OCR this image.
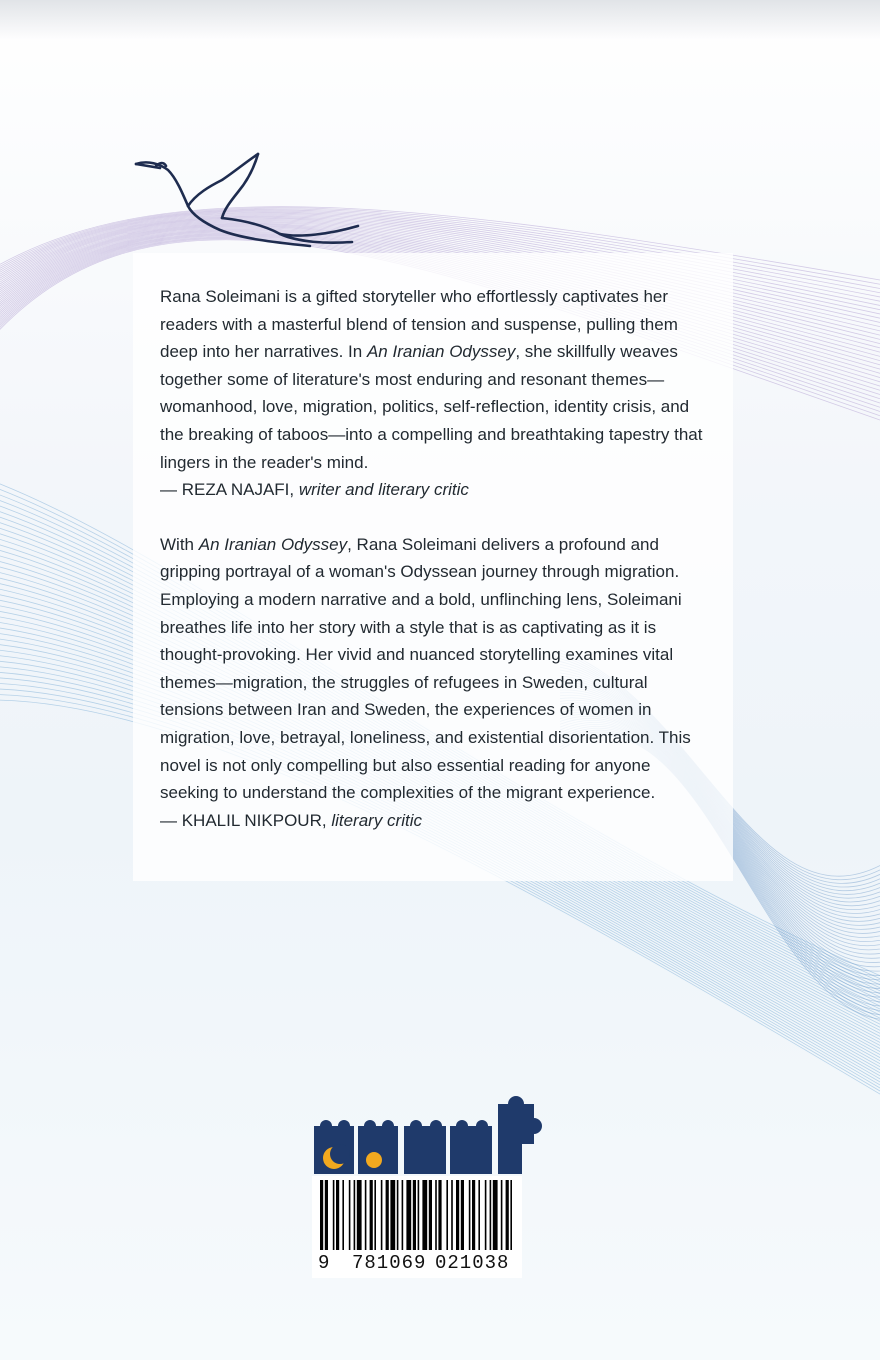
Rana Soleimani is a gifted storyteller who effortlessly captivates her readers with a masterful blend of tension and suspense, pulling them deep into her narratives. In An Iranian Odyssey, she skillfully weaves together some of literature's most enduring and resonant themes—womanhood, love, migration, politics, self-reflection, identity crisis, and the breaking of taboos—into a compelling and breathtaking tapestry that lingers in the reader's mind.
— REZA NAJAFI, writer and literary critic

With An Iranian Odyssey, Rana Soleimani delivers a profound and gripping portrayal of a woman's Odyssean journey through migration. Employing a modern narrative and a bold, unflinching lens, Soleimani breathes life into her story with a style that is as captivating as it is thought-provoking. Her vivid and nuanced storytelling examines vital themes—migration, the struggles of refugees in Sweden, cultural tensions between Iran and Sweden, the experiences of women in migration, love, betrayal, loneliness, and existential disorientation. This novel is not only compelling but also essential reading for anyone seeking to understand the complexities of the migrant experience.
— KHALIL NIKPOUR, literary critic

9 781069 021038
